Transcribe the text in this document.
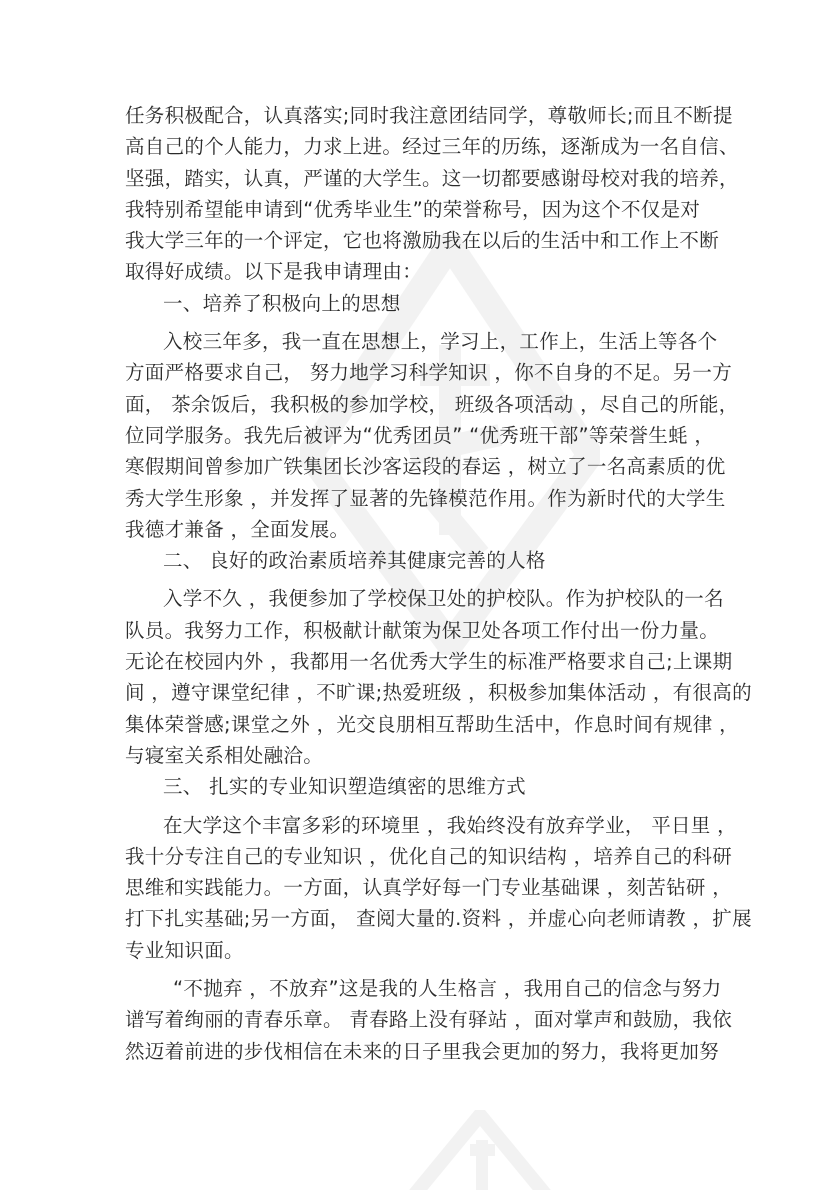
任务积极配合，认真落实;同时我注意团结同学，尊敬师长;而且不断提
高自己的个人能力，力求上进。经过三年的历练，逐渐成为一名自信、
坚强，踏实，认真，严谨的大学生。这一切都要感谢母校对我的培养，
我特别希望能申请到“优秀毕业生”的荣誉称号，因为这个不仅是对
我大学三年的一个评定，它也将激励我在以后的生活中和工作上不断
取得好成绩。以下是我申请理由：
一、培养了积极向上的思想
入校三年多，我一直在思想上，学习上，工作上，生活上等各个
方面严格要求自己， 努力地学习科学知识 ，你不自身的不足。另一方
面， 茶余饭后，我积极的参加学校， 班级各项活动 ，尽自己的所能，
位同学服务。我先后被评为“优秀团员” “优秀班干部”等荣誉生蚝 ，
寒假期间曾参加广铁集团长沙客运段的春运 ，树立了一名高素质的优
秀大学生形象 ，并发挥了显著的先锋模范作用。作为新时代的大学生
我德才兼备 ，全面发展。
二、 良好的政治素质培养其健康完善的人格
入学不久 ，我便参加了学校保卫处的护校队。作为护校队的一名
队员。我努力工作，积极献计献策为保卫处各项工作付出一份力量。
无论在校园内外 ，我都用一名优秀大学生的标准严格要求自己;上课期
间 ，遵守课堂纪律 ，不旷课;热爱班级 ，积极参加集体活动 ，有很高的
集体荣誉感;课堂之外 ，光交良朋相互帮助生活中，作息时间有规律 ，
与寝室关系相处融洽。
三、 扎实的专业知识塑造缜密的思维方式
在大学这个丰富多彩的环境里 ，我始终没有放弃学业， 平日里 ，
我十分专注自己的专业知识 ，优化自己的知识结构 ，培养自己的科研
思维和实践能力。一方面，认真学好每一门专业基础课 ，刻苦钻研 ，
打下扎实基础;另一方面， 查阅大量的.资料 ，并虚心向老师请教 ，扩展
专业知识面。
“不抛弃 ，不放弃”这是我的人生格言 ，我用自己的信念与努力
谱写着绚丽的青春乐章。 青春路上没有驿站 ，面对掌声和鼓励，我依
然迈着前进的步伐相信在未来的日子里我会更加的努力，我将更加努
